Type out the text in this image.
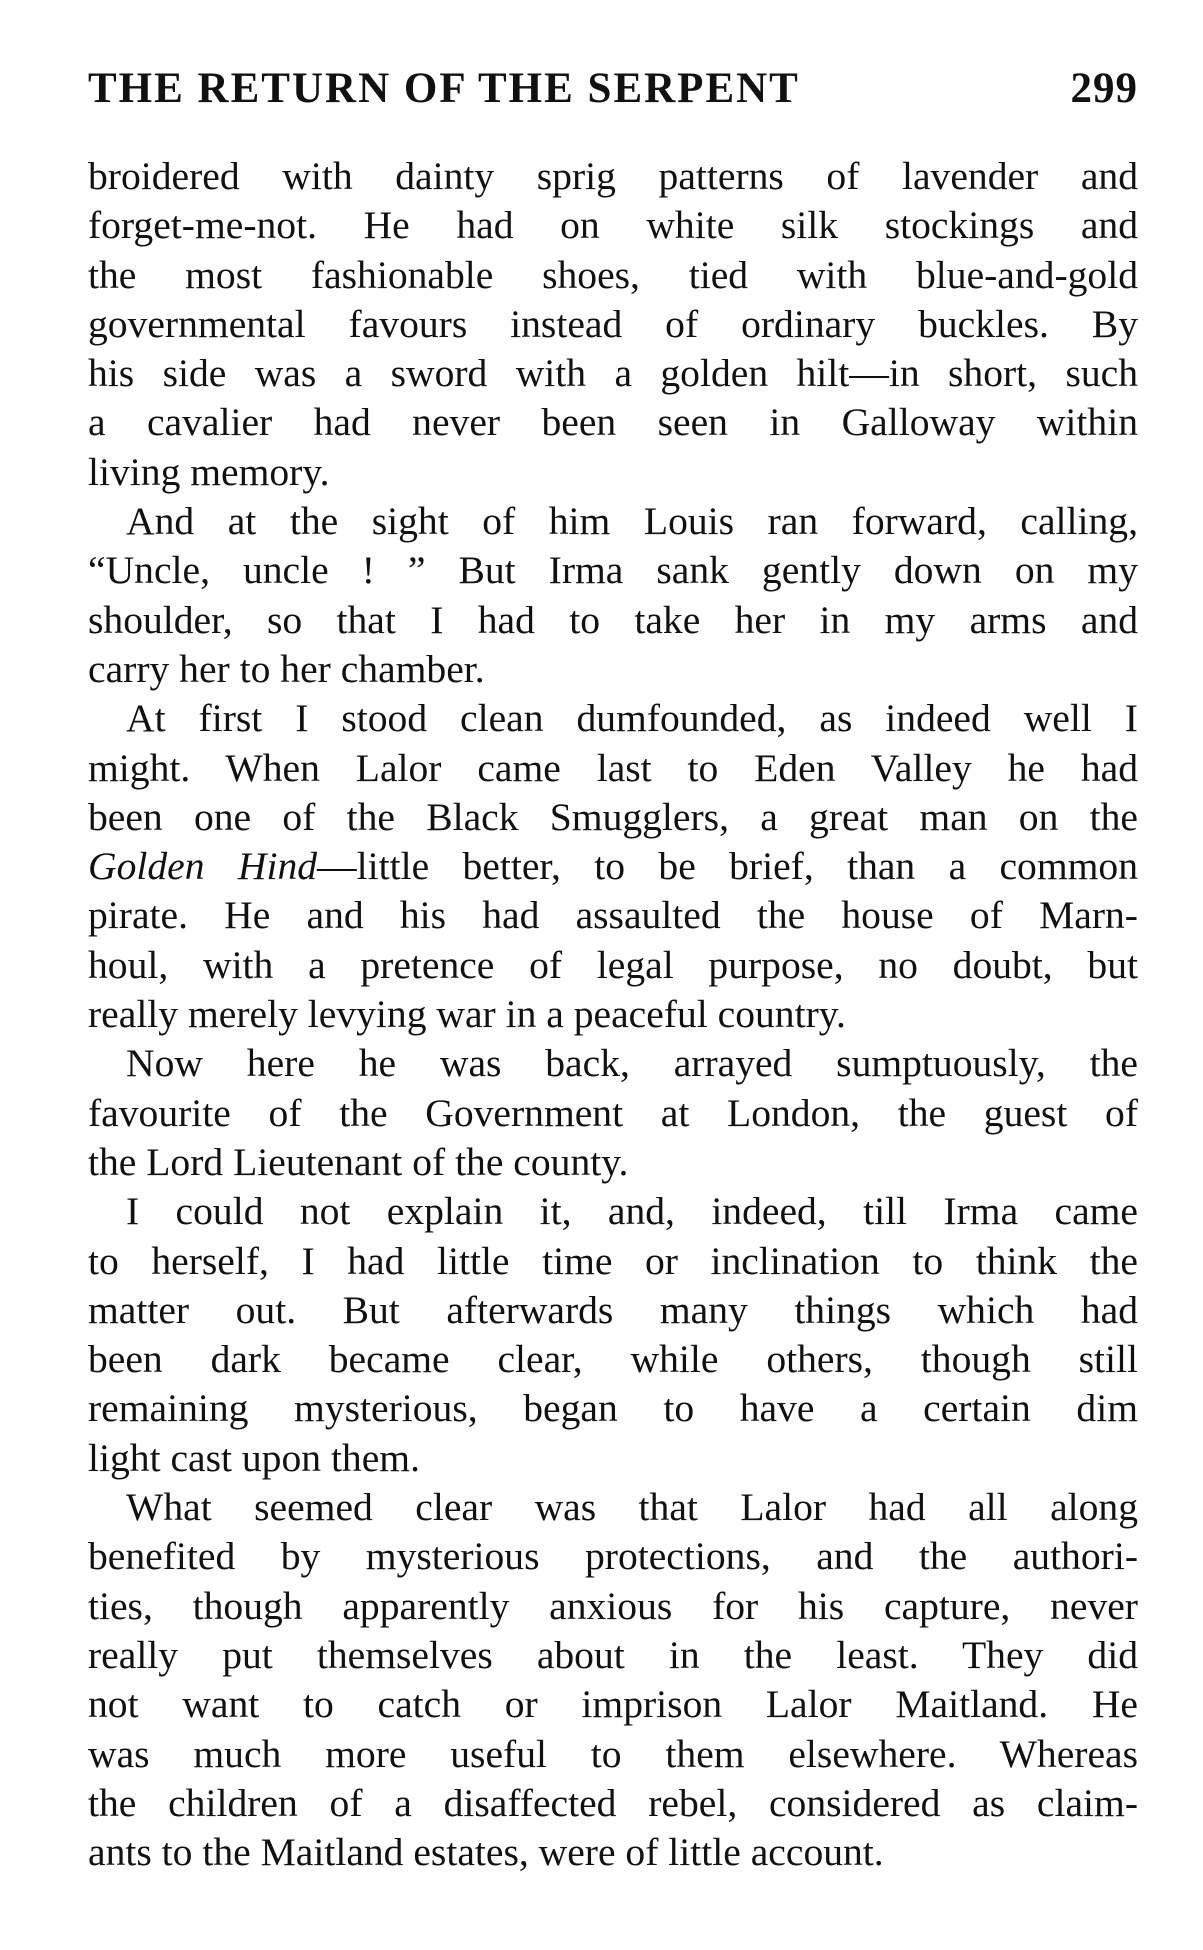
THE RETURN OF THE SERPENT	299

broidered with dainty sprig patterns of lavender and
forget-me-not. He had on white silk stockings and
the most fashionable shoes, tied with blue-and-gold
governmental favours instead of ordinary buckles. By
his side was a sword with a golden hilt—in short, such
a cavalier had never been seen in Galloway within
living memory.

And at the sight of him Louis ran forward, calling,
“Uncle, uncle ! ” But Irma sank gently down on my
shoulder, so that I had to take her in my arms and
carry her to her chamber.

At first I stood clean dumfounded, as indeed well I
might. When Lalor came last to Eden Valley he had
been one of the Black Smugglers, a great man on the
Golden Hind—little better, to be brief, than a common
pirate. He and his had assaulted the house of Marn-
houl, with a pretence of legal purpose, no doubt, but
really merely levying war in a peaceful country.

Now here he was back, arrayed sumptuously, the
favourite of the Government at London, the guest of
the Lord Lieutenant of the county.

I could not explain it, and, indeed, till Irma came
to herself, I had little time or inclination to think the
matter out. But afterwards many things which had
been dark became clear, while others, though still
remaining mysterious, began to have a certain dim
light cast upon them.

What seemed clear was that Lalor had all along
benefited by mysterious protections, and the authori-
ties, though apparently anxious for his capture, never
really put themselves about in the least. They did
not want to catch or imprison Lalor Maitland. He
was much more useful to them elsewhere. Whereas
the children of a disaffected rebel, considered as claim-
ants to the Maitland estates, were of little account.
